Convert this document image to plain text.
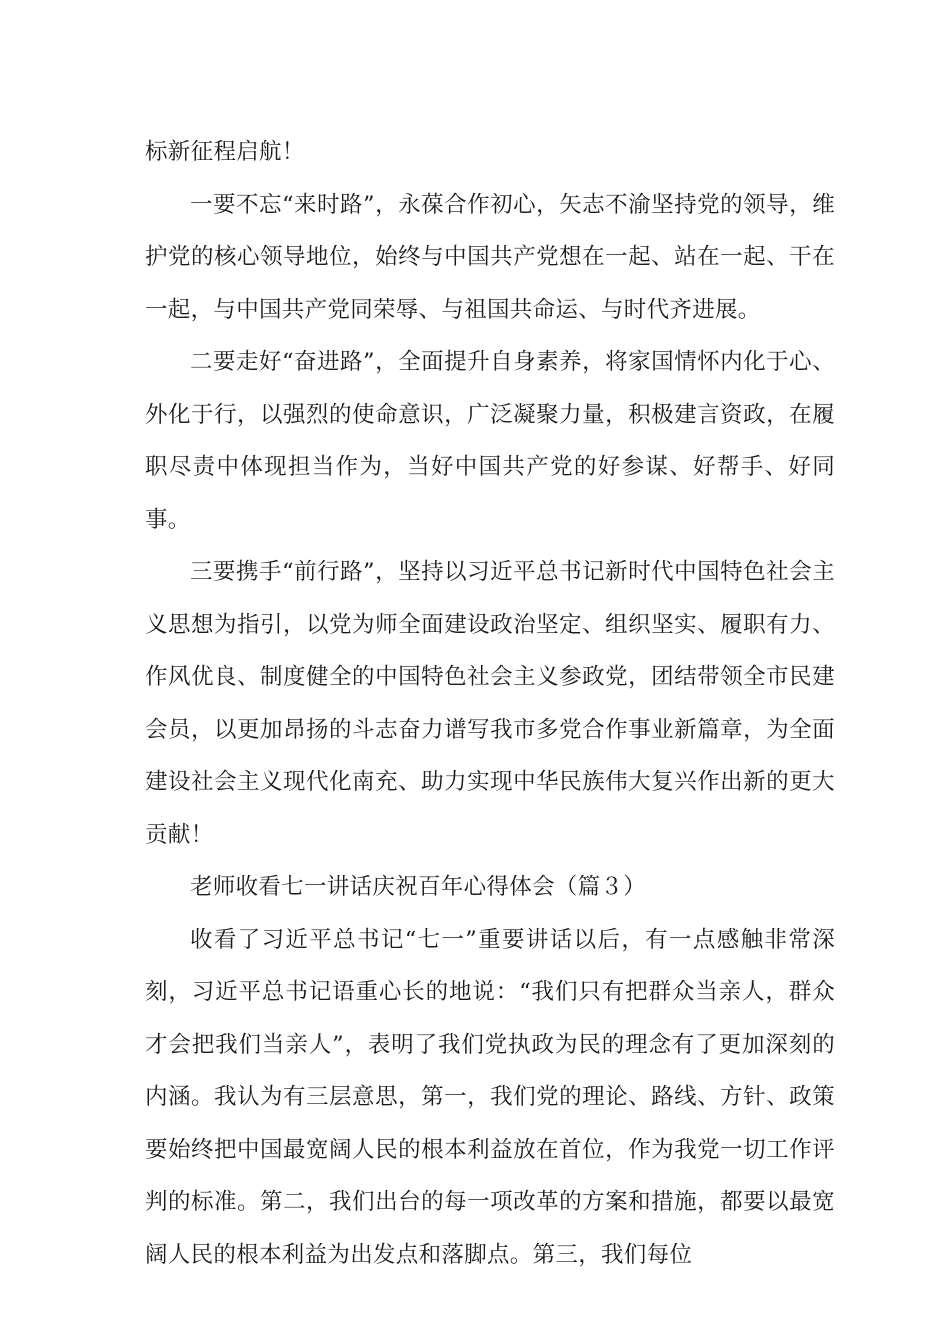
标新征程启航！

一要不忘“来时路”，永葆合作初心，矢志不渝坚持党的领导，维护党的核心领导地位，始终与中国共产党想在一起、站在一起、干在一起，与中国共产党同荣辱、与祖国共命运、与时代齐进展。

二要走好“奋进路”，全面提升自身素养，将家国情怀内化于心、外化于行，以强烈的使命意识，广泛凝聚力量，积极建言资政，在履职尽责中体现担当作为，当好中国共产党的好参谋、好帮手、好同事。

三要携手“前行路”，坚持以习近平总书记新时代中国特色社会主义思想为指引，以党为师全面建设政治坚定、组织坚实、履职有力、作风优良、制度健全的中国特色社会主义参政党，团结带领全市民建会员，以更加昂扬的斗志奋力谱写我市多党合作事业新篇章，为全面建设社会主义现代化南充、助力实现中华民族伟大复兴作出新的更大贡献！

老师收看七一讲话庆祝百年心得体会（篇３）

收看了习近平总书记“七一”重要讲话以后，有一点感触非常深刻，习近平总书记语重心长的地说：“我们只有把群众当亲人，群众才会把我们当亲人”，表明了我们党执政为民的理念有了更加深刻的内涵。我认为有三层意思，第一，我们党的理论、路线、方针、政策要始终把中国最宽阔人民的根本利益放在首位，作为我党一切工作评判的标准。第二，我们出台的每一项改革的方案和措施，都要以最宽阔人民的根本利益为出发点和落脚点。第三，我们每位
